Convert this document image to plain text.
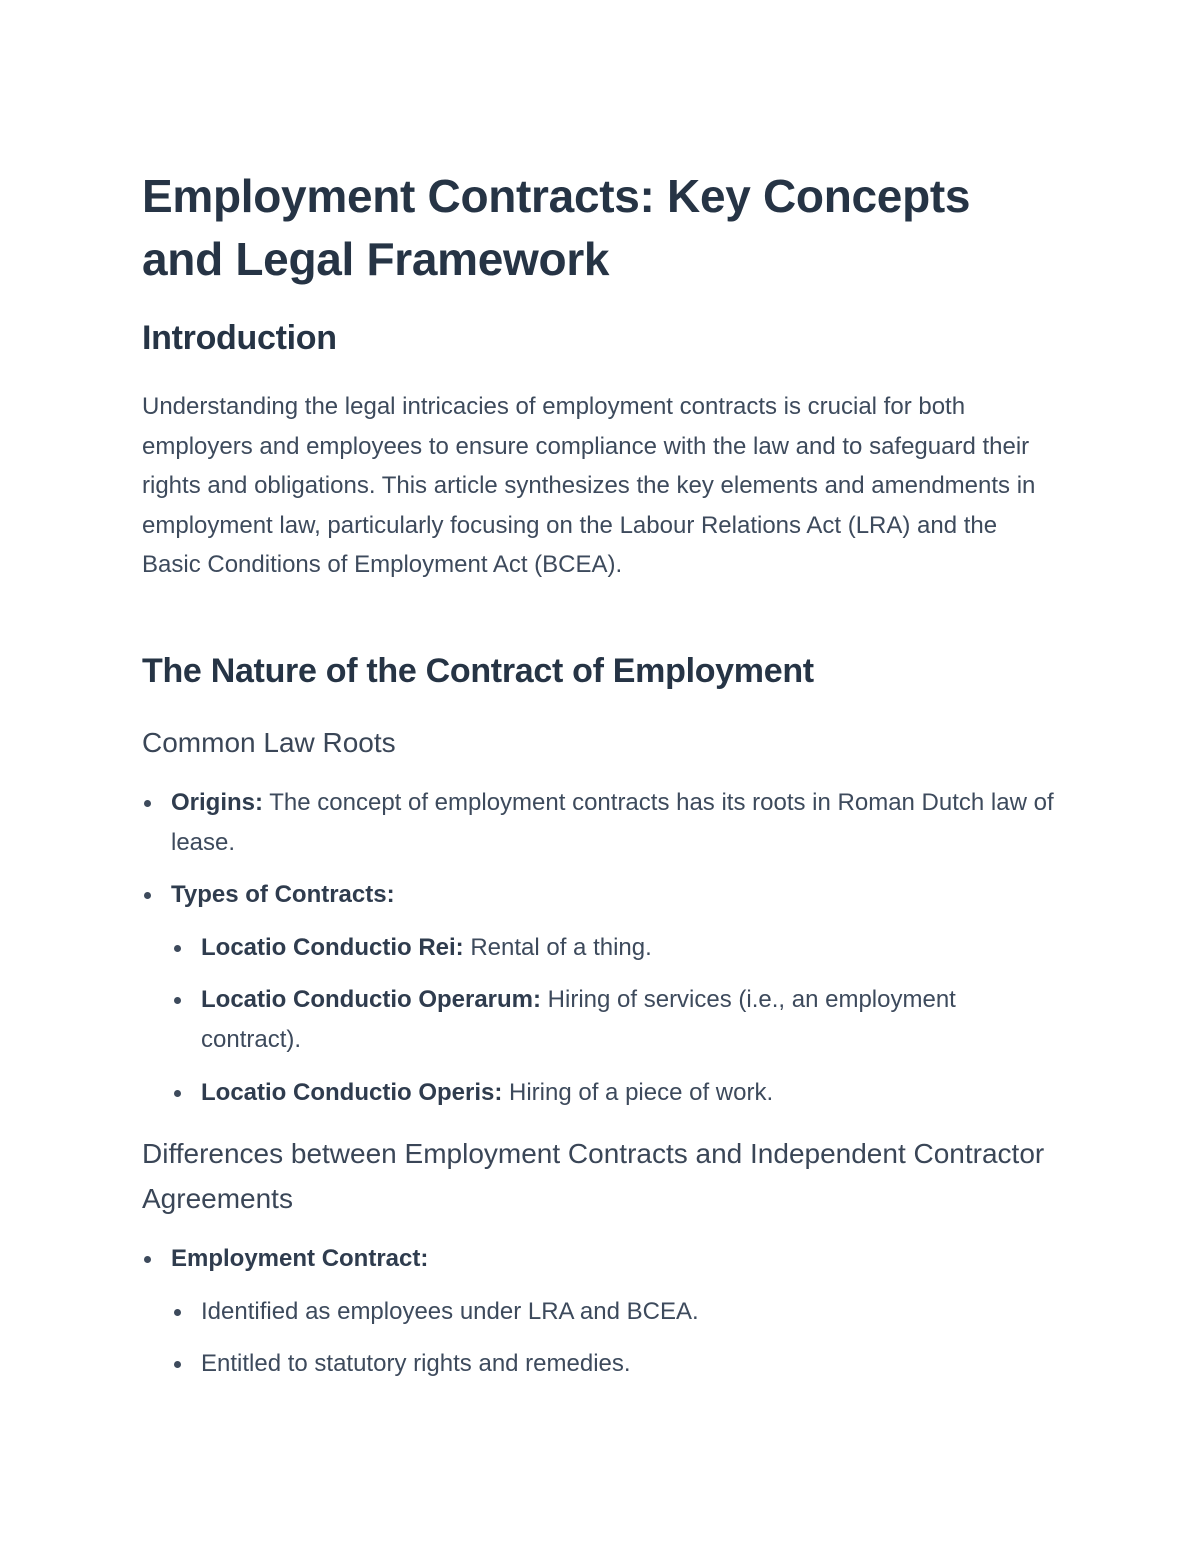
Employment Contracts: Key Concepts and Legal Framework
Introduction

Understanding the legal intricacies of employment contracts is crucial for both employers and employees to ensure compliance with the law and to safeguard their rights and obligations. This article synthesizes the key elements and amendments in employment law, particularly focusing on the Labour Relations Act (LRA) and the Basic Conditions of Employment Act (BCEA).

The Nature of the Contract of Employment
Common Law Roots
Origins: The concept of employment contracts has its roots in Roman Dutch law of lease.
Types of Contracts:
Locatio Conductio Rei: Rental of a thing.
Locatio Conductio Operarum: Hiring of services (i.e., an employment contract).
Locatio Conductio Operis: Hiring of a piece of work.
Differences between Employment Contracts and Independent Contractor Agreements
Employment Contract:
Identified as employees under LRA and BCEA.
Entitled to statutory rights and remedies.
